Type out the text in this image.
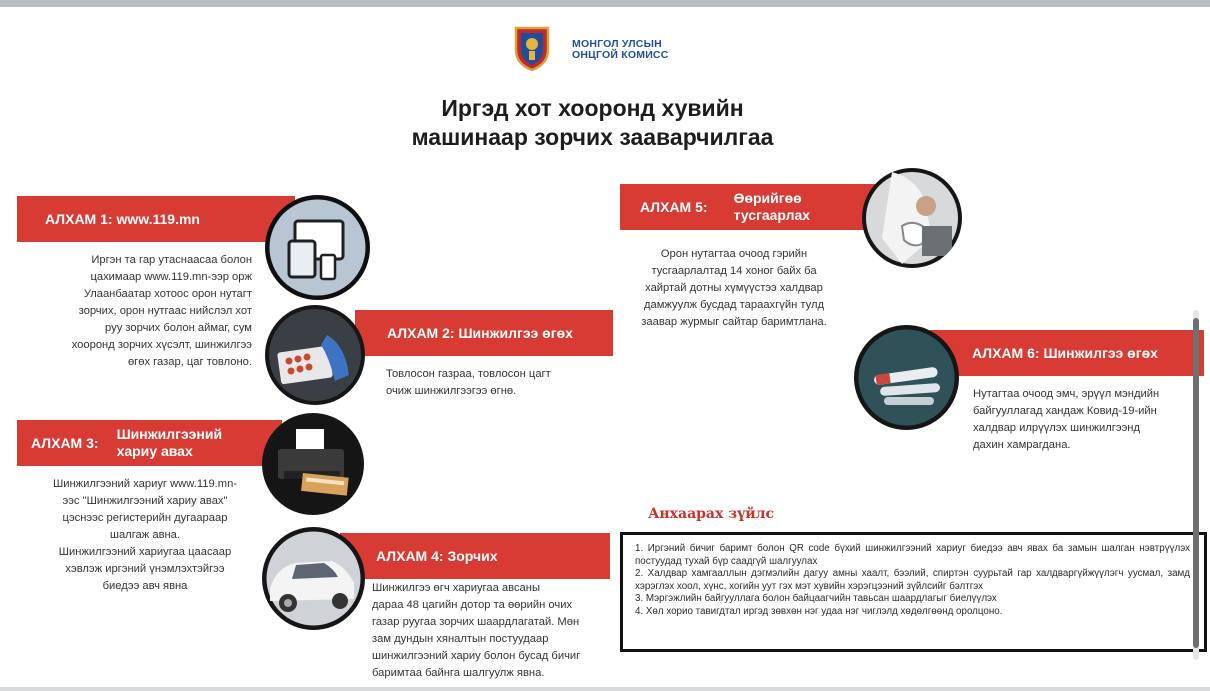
МОНГОЛ УЛСЫН
ОНЦГОЙ КОМИСС
Иргэд хот хооронд хувийн
машинаар зорчих зааварчилгаа
АЛХАМ 1: www.119.mn
Иргэн та гар утаснаасаа болон
цахимаар www.119.mn-ээр орж
Улаанбаатар хотоос орон нутагт
зорчих, орон нутгаас нийслэл хот
руу зорчих болон аймаг, сум
хооронд зорчих хүсэлт, шинжилгээ
өгөх газар, цаг товлоно.
АЛХАМ 2: Шинжилгээ өгөх
Товлосон газраа, товлосон цагт
очиж шинжилгээгээ өгнө.
АЛХАМ 3:
Шинжилгээний
хариу авах
Шинжилгээний хариуг www.119.mn-
ээс "Шинжилгээний хариу авах"
цэснээс регистерийн дугаараар
шалгаж авна.
Шинжилгээний хариугаа цаасаар
хэвлэж иргэний үнэмлэхтэйгээ
биедээ авч явна
АЛХАМ 4: Зорчих
Шинжилгээ өгч хариугаа авсаны
дараа 48 цагийн дотор та өөрийн очих
газар руугаа зорчих шаардлагатай. Мөн
зам дундын хяналтын постуудаар
шинжилгээний хариу болон бусад бичиг
баримтаа байнга шалгуулж явна.
АЛХАМ 5:
Өөрийгөө
тусгаарлах
Орон нутагтаа очоод гэрийн
тусгаарлалтад 14 хоног байх ба
хайртай дотны хүмүүстээ халдвар
дамжуулж бусдад тараахгүйн тулд
заавар журмыг сайтар баримтлана.
АЛХАМ 6: Шинжилгээ өгөх
Нутагтаа очоод эмч, эрүүл мэндийн
байгууллагад хандаж Ковид-19-ийн
халдвар илрүүлэх шинжилгээнд
дахин хамрагдана.
Анхаарах зүйлс
1. Иргэний бичиг баримт болон QR code бүхий шинжилгээний хариуг биедээ авч явах ба замын шалган нэвтрүүлэх постуудад тухай бүр саадгүй шалгуулах
2. Халдвар хамгааллын дэгмэлийн дагуу амны хаалт, бээлий, спиртэн суурьтай гар халдваргүйжүүлэгч уусмал, замд хэрэглэх хоол, хүнс, хогийн уут гэх мэт хувийн хэрэгцээний зүйлсийг бэлтгэх
3. Мэргэжлийн байгууллага болон байцаагчийн тавьсан шаардлагыг биелүүлэх
4. Хөл хорио тавигдтал иргэд зөвхөн нэг удаа нэг чиглэлд хөдөлгөөнд оролцоно.
